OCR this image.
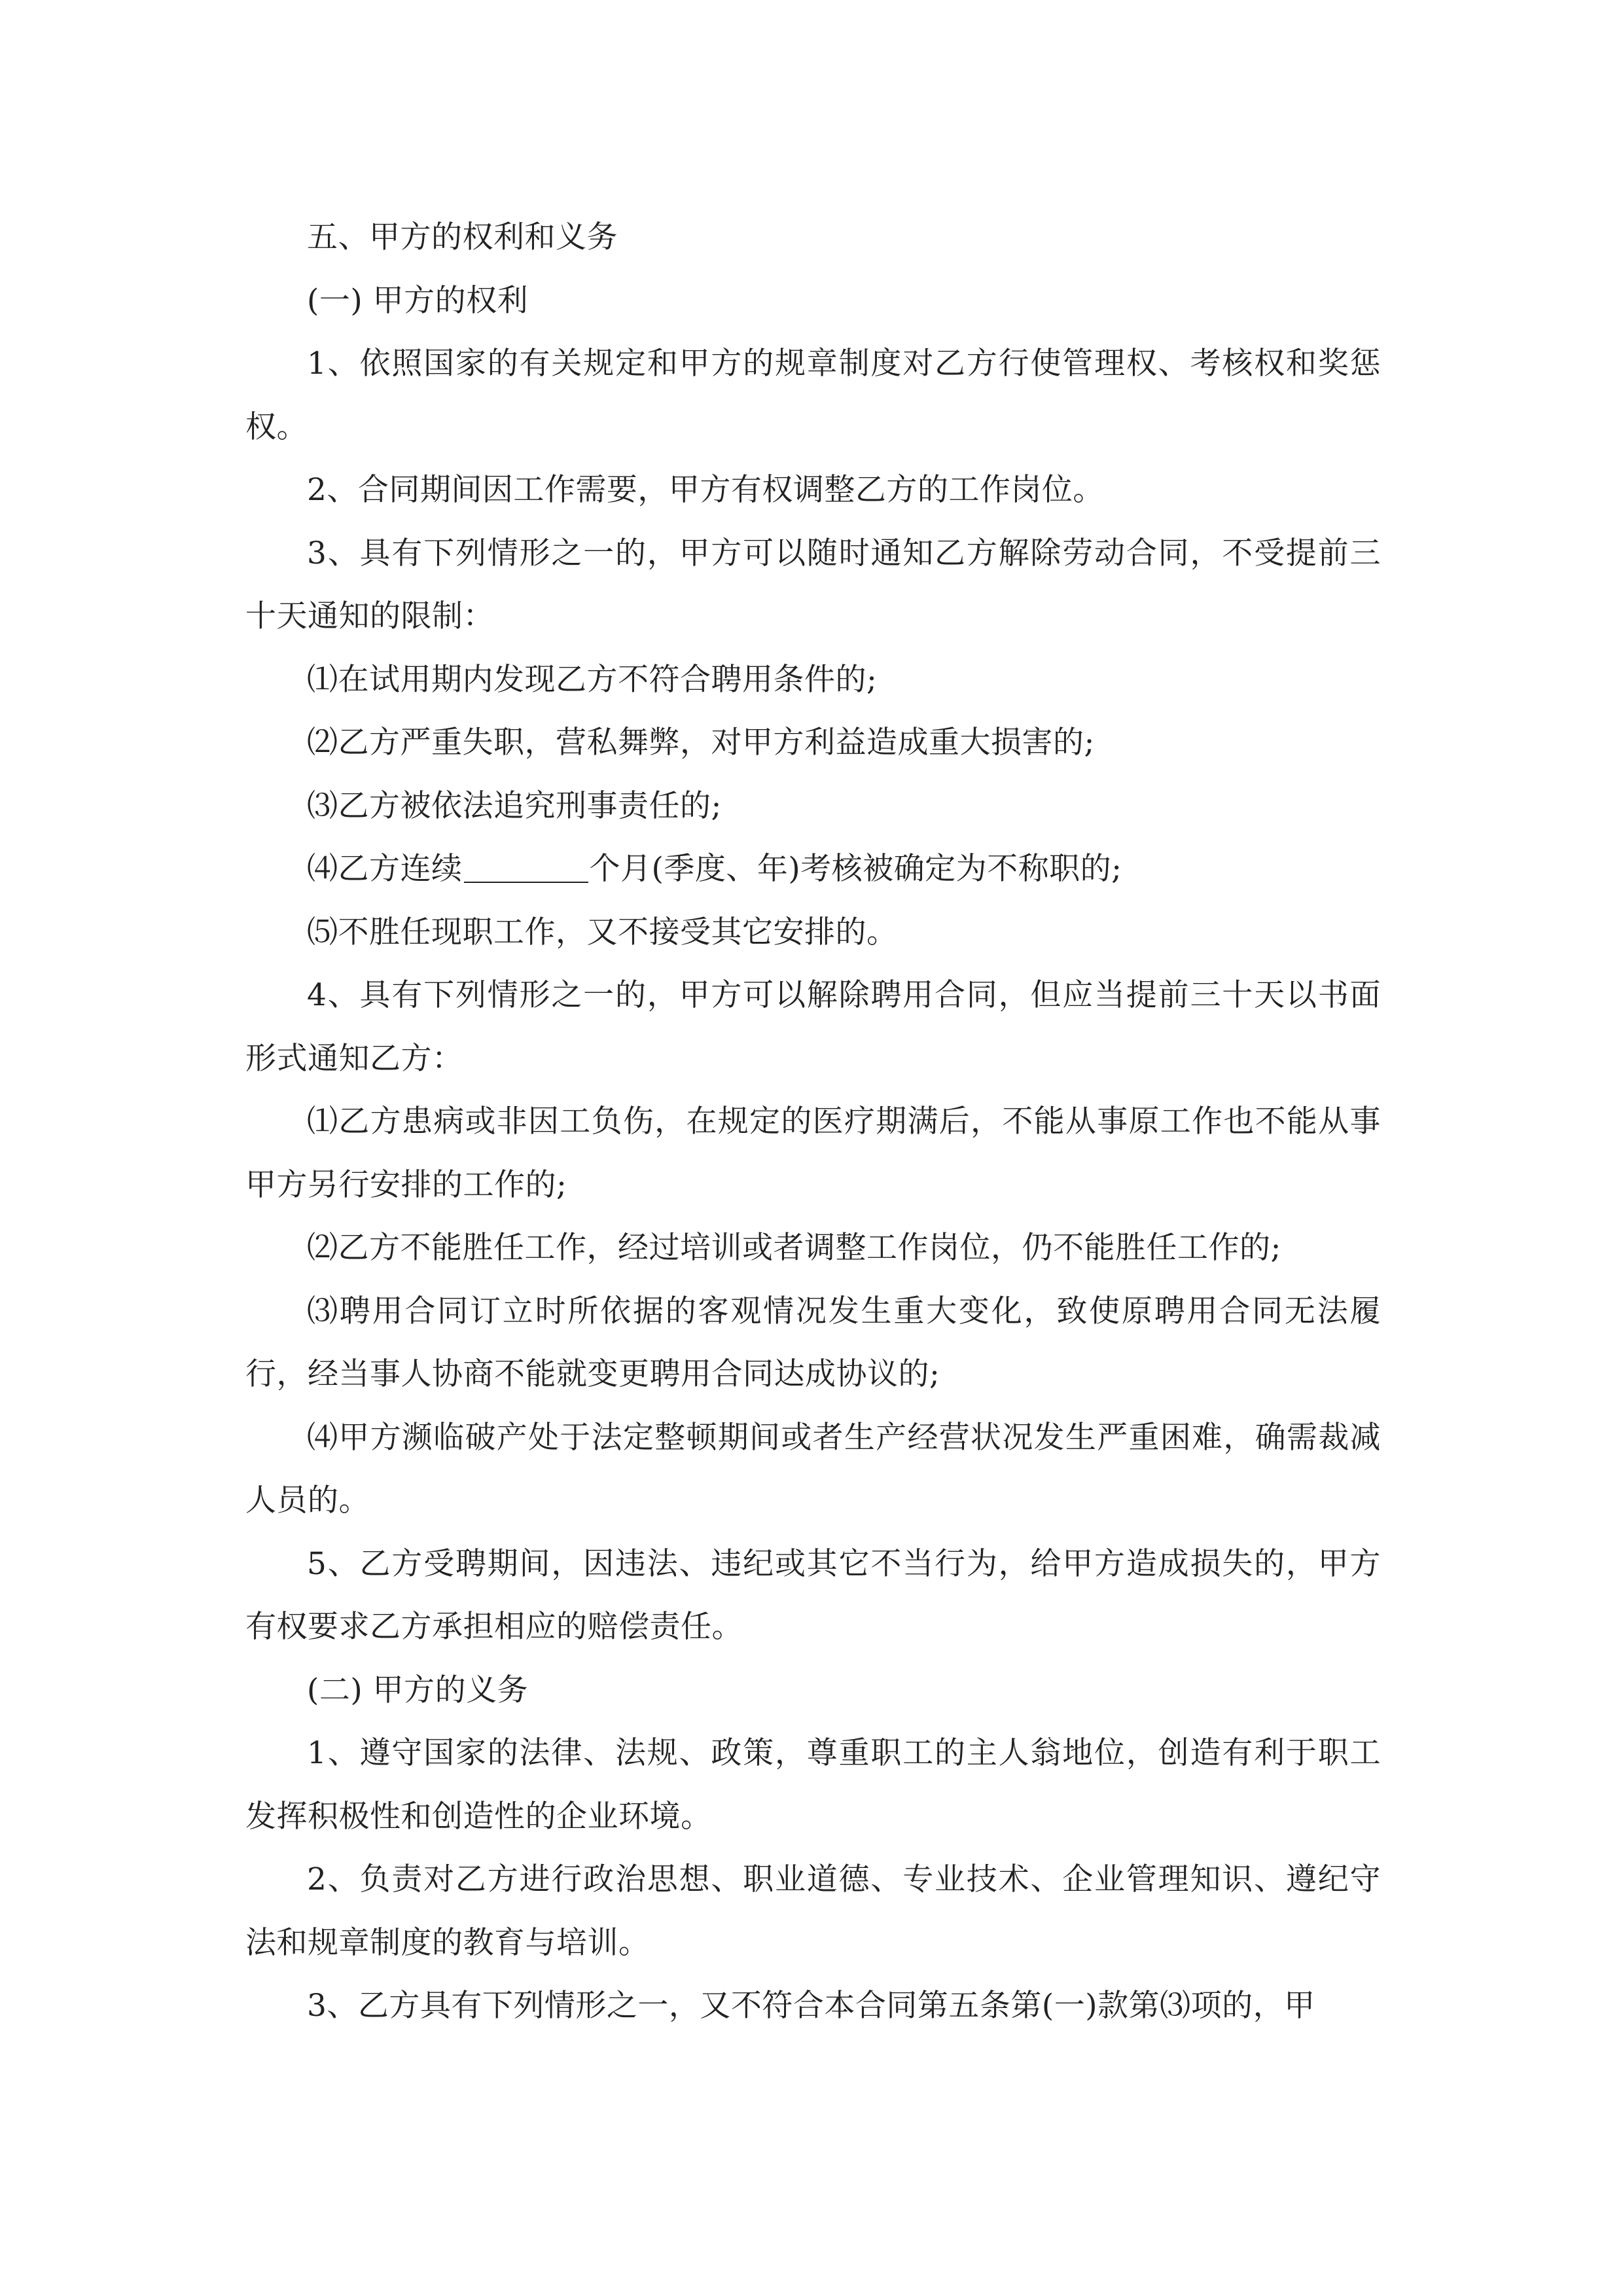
五、甲方的权利和义务

(一) 甲方的权利

1、依照国家的有关规定和甲方的规章制度对乙方行使管理权、考核权和奖惩权。

2、合同期间因工作需要，甲方有权调整乙方的工作岗位。

3、具有下列情形之一的，甲方可以随时通知乙方解除劳动合同，不受提前三十天通知的限制：

⑴在试用期内发现乙方不符合聘用条件的;

⑵乙方严重失职，营私舞弊，对甲方利益造成重大损害的;

⑶乙方被依法追究刑事责任的;

⑷乙方连续	个月(季度、年)考核被确定为不称职的;

⑸不胜任现职工作，又不接受其它安排的。

4、具有下列情形之一的，甲方可以解除聘用合同，但应当提前三十天以书面形式通知乙方：

⑴乙方患病或非因工负伤，在规定的医疗期满后，不能从事原工作也不能从事甲方另行安排的工作的;

⑵乙方不能胜任工作，经过培训或者调整工作岗位，仍不能胜任工作的;

⑶聘用合同订立时所依据的客观情况发生重大变化，致使原聘用合同无法履行，经当事人协商不能就变更聘用合同达成协议的;

⑷甲方濒临破产处于法定整顿期间或者生产经营状况发生严重困难，确需裁减人员的。

5、乙方受聘期间，因违法、违纪或其它不当行为，给甲方造成损失的，甲方有权要求乙方承担相应的赔偿责任。

(二) 甲方的义务

1、遵守国家的法律、法规、政策，尊重职工的主人翁地位，创造有利于职工发挥积极性和创造性的企业环境。

2、负责对乙方进行政治思想、职业道德、专业技术、企业管理知识、遵纪守法和规章制度的教育与培训。

3、乙方具有下列情形之一，又不符合本合同第五条第(一)款第⑶项的，甲
